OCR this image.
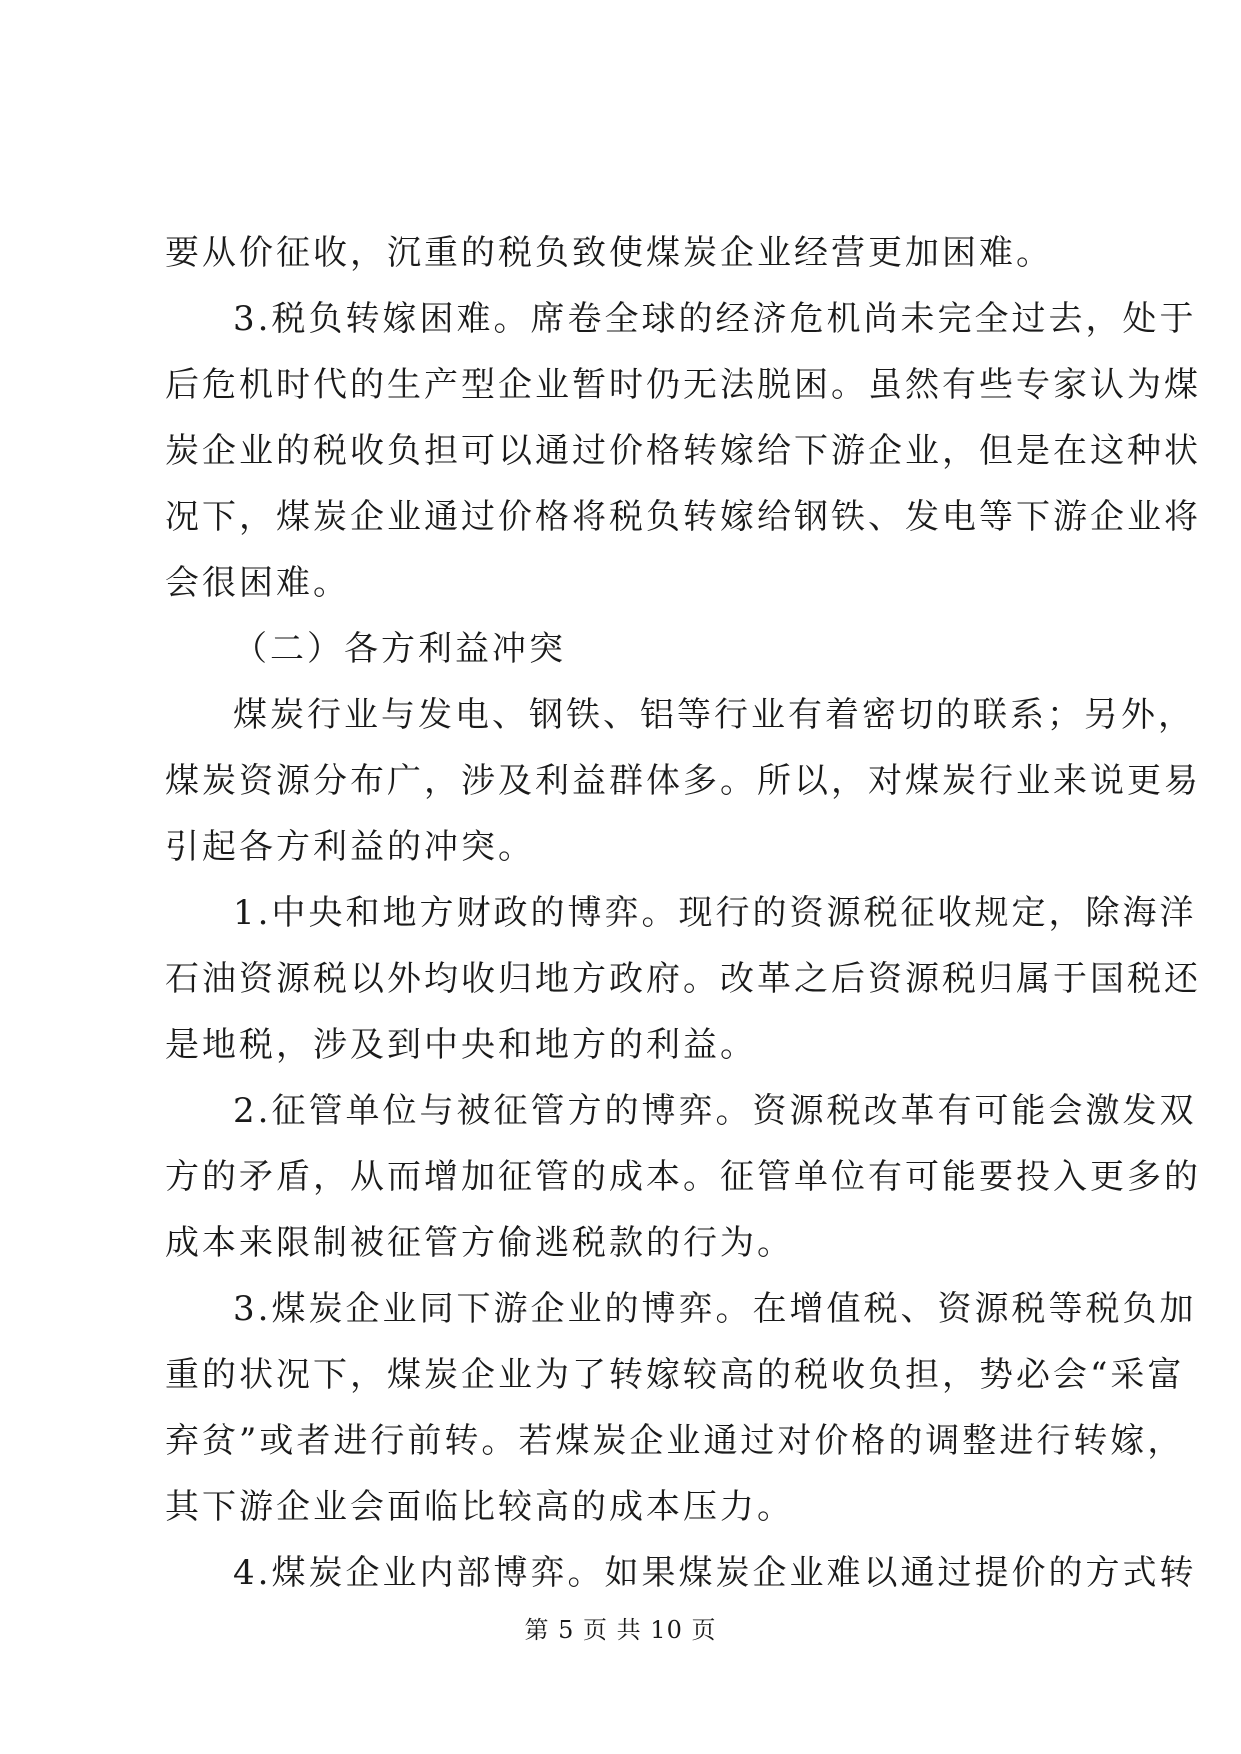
要从价征收，沉重的税负致使煤炭企业经营更加困难。
3.税负转嫁困难。席卷全球的经济危机尚未完全过去，处于
后危机时代的生产型企业暂时仍无法脱困。虽然有些专家认为煤
炭企业的税收负担可以通过价格转嫁给下游企业，但是在这种状
况下，煤炭企业通过价格将税负转嫁给钢铁、发电等下游企业将
会很困难。
（二）各方利益冲突
煤炭行业与发电、钢铁、铝等行业有着密切的联系；另外，
煤炭资源分布广，涉及利益群体多。所以，对煤炭行业来说更易
引起各方利益的冲突。
1.中央和地方财政的博弈。现行的资源税征收规定，除海洋
石油资源税以外均收归地方政府。改革之后资源税归属于国税还
是地税，涉及到中央和地方的利益。
2.征管单位与被征管方的博弈。资源税改革有可能会激发双
方的矛盾，从而增加征管的成本。征管单位有可能要投入更多的
成本来限制被征管方偷逃税款的行为。
3.煤炭企业同下游企业的博弈。在增值税、资源税等税负加
重的状况下，煤炭企业为了转嫁较高的税收负担，势必会“采富
弃贫”或者进行前转。若煤炭企业通过对价格的调整进行转嫁，
其下游企业会面临比较高的成本压力。
4.煤炭企业内部博弈。如果煤炭企业难以通过提价的方式转
第 5 页 共 10 页
